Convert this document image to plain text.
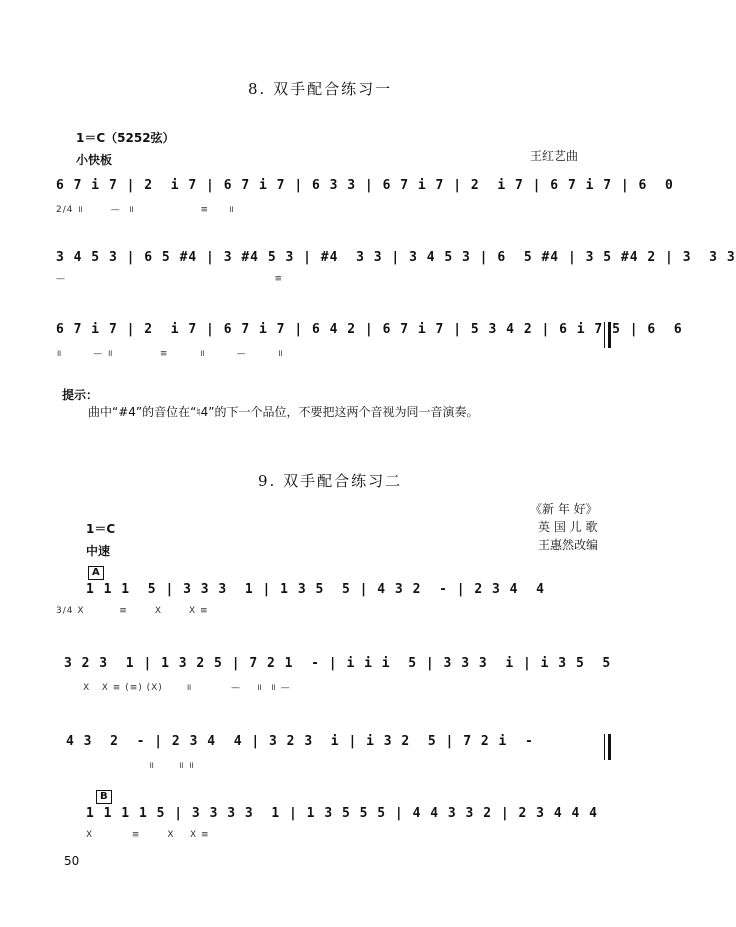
8. 双手配合练习一
1＝C（5252弦）
小快板	王红艺曲
6 7 i 7 | 2  i 7 | 6 7 i 7 | 6 3 3 | 6 7 i 7 | 2  i 7 | 6 7 i 7 | 6  0
2/4 ॥       —  ॥                 ≡     ॥
3 4 5 3 | 6 5 #4 | 3 #4 5 3 | #4  3 3 | 3 4 5 3 | 6  5 #4 | 3 5 #4 2 | 3  3 3
—                                                      ≡
6 7 i 7 | 2  i 7 | 6 7 i 7 | 6 4 2 | 6 7 i 7 | 5 3 4 2 | 6 i 7 5 | 6  6
॥        — ॥            ≡        ॥        —        ॥
提示：
曲中“#4”的音位在“♮4”的下一个品位，不要把这两个音视为同一音演奏。
9. 双手配合练习二
《新 年 好》
英 国 儿 歌
王惠然改编
1＝C
中速
A
1 1 1  5 | 3 3 3  1 | 1 3 5  5 | 4 3 2  - | 2 3 4  4
3/4 X         ≡       X       X ≡
3 2 3  1 | 1 3 2 5 | 7 2 1  - | i i i  5 | 3 3 3  i | i 3 5  5
X   X ≡ (≡) (X)      ॥          —    ॥  ॥ —
4 3  2  - | 2 3 4  4 | 3 2 3  i | i 3 2  5 | 7 2 i  -
॥      ॥ ॥
B
1 1 1 1 5 | 3 3 3 3  1 | 1 3 5 5 5 | 4 4 3 3 2 | 2 3 4 4 4
X          ≡       X    X ≡
50
